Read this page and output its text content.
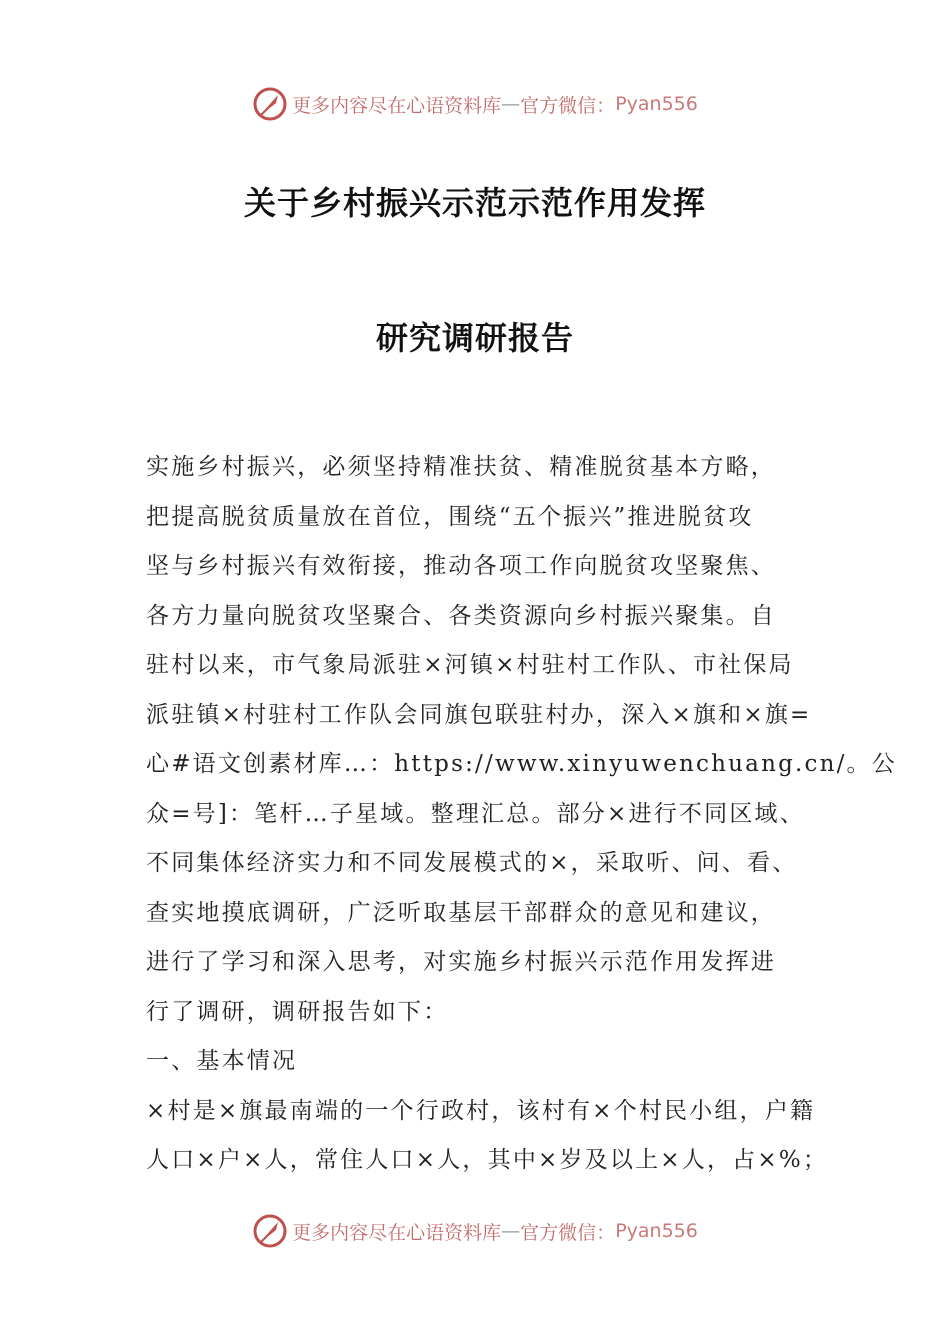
更多内容尽在心语资料库 — 官方微信： Pyan556
关于乡村振兴示范示范作用发挥
研究调研报告

实施乡村振兴，必须坚持精准扶贫、精准脱贫基本方略，
把提高脱贫质量放在首位，围绕“五个振兴”推进脱贫攻
坚与乡村振兴有效衔接，推动各项工作向脱贫攻坚聚焦、
各方力量向脱贫攻坚聚合、各类资源向乡村振兴聚集。自
驻村以来，市气象局派驻×河镇×村驻村工作队、市社保局
派驻镇×村驻村工作队会同旗包联驻村办，深入×旗和×旗=
心#语文创素材库…：https://www.xinyuwenchuang.cn/。公
众=号]：笔杆…子星域。整理汇总。部分×进行不同区域、
不同集体经济实力和不同发展模式的×，采取听、问、看、
查实地摸底调研，广泛听取基层干部群众的意见和建议，
进行了学习和深入思考，对实施乡村振兴示范作用发挥进
行了调研，调研报告如下：

一、基本情况

×村是×旗最南端的一个行政村，该村有×个村民小组，户籍
人口×户×人，常住人口×人，其中×岁及以上×人，占×%；

更多内容尽在心语资料库 — 官方微信： Pyan556
